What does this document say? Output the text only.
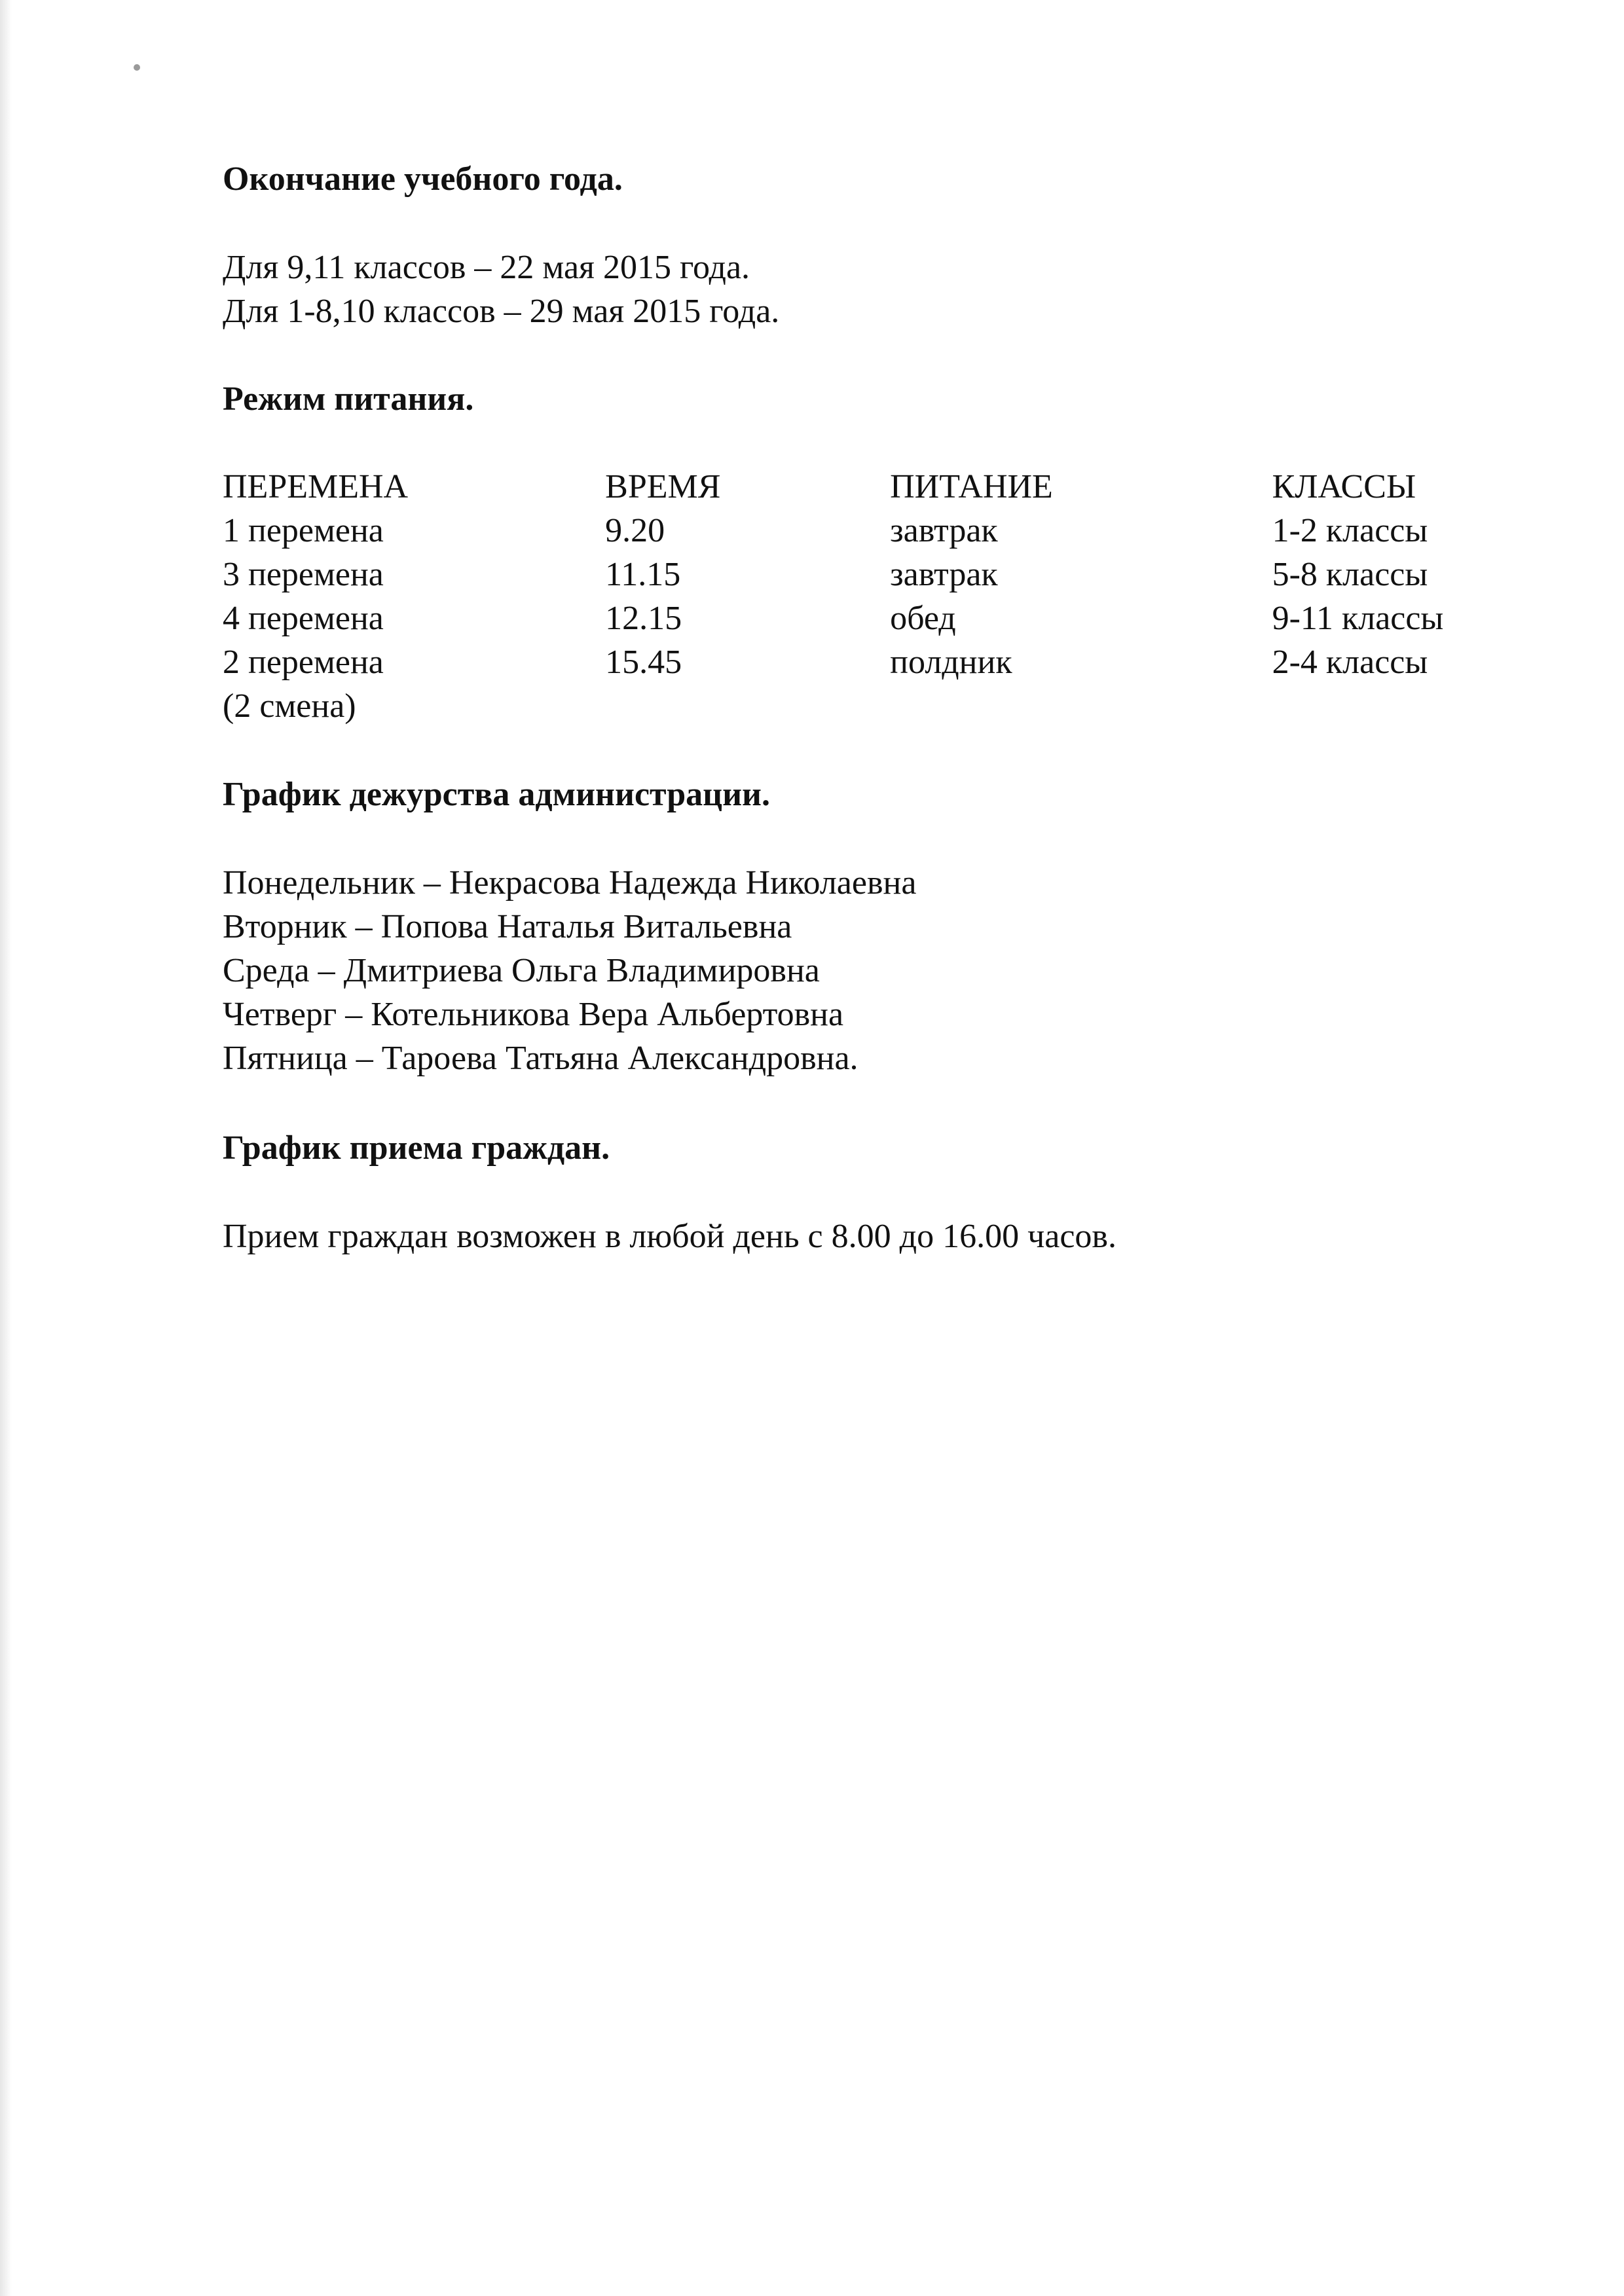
Окончание учебного года.
Для 9,11 классов – 22 мая 2015 года.
Для 1-8,10 классов – 29 мая 2015 года.
Режим питания.
ПЕРЕМЕНА	ВРЕМЯ	ПИТАНИЕ	КЛАССЫ
1 перемена	9.20	завтрак	1-2 классы
3 перемена	11.15	завтрак	5-8 классы
4 перемена	12.15	обед	9-11 классы

2 перемена
(2 смена)	15.45	полдник	2-4 классы
График дежурства администрации.
Понедельник – Некрасова Надежда Николаевна
Вторник – Попова Наталья Витальевна
Среда – Дмитриева Ольга Владимировна
Четверг – Котельникова Вера Альбертовна
Пятница – Тароева Татьяна Александровна.
График приема граждан.
Прием граждан возможен в любой день с 8.00 до 16.00 часов.
